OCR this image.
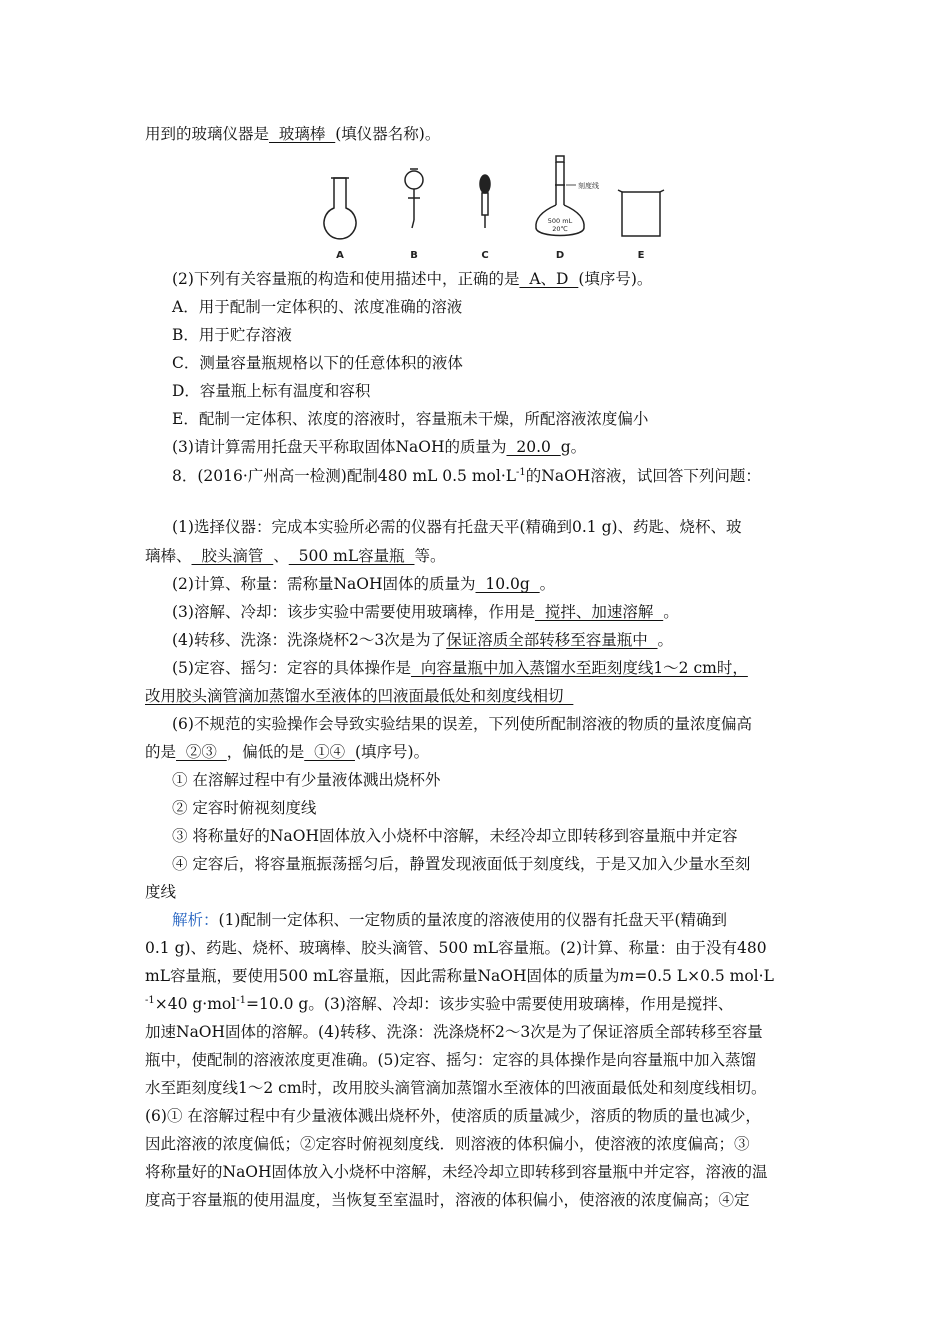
用到的玻璃仪器是  玻璃棒  (填仪器名称)。
刻度线
500 mL
20℃
A	B	C	D	E
(2)下列有关容量瓶的构造和使用描述中，正确的是  A、D  (填序号)。
A．用于配制一定体积的、浓度准确的溶液
B．用于贮存溶液
C．测量容量瓶规格以下的任意体积的液体
D．容量瓶上标有温度和容积
E．配制一定体积、浓度的溶液时，容量瓶未干燥，所配溶液浓度偏小
(3)请计算需用托盘天平称取固体NaOH的质量为  20.0  g。
8．(2016·广州高一检测)配制480 mL 0.5 $mol\cdot L^{-1}$的NaOH溶液，试回答下列问题：
(1)选择仪器：完成本实验所必需的仪器有托盘天平(精确到0.1 g)、药匙、烧杯、玻
璃棒、  胶头滴管  、  500 mL容量瓶  等。
(2)计算、称量：需称量NaOH固体的质量为  10.0g  。
(3)溶解、冷却：该步实验中需要使用玻璃棒，作用是  搅拌、加速溶解  。
(4)转移、洗涤：洗涤烧杯2～3次是为了保证溶质全部转移至容量瓶中  。
(5)定容、摇匀：定容的具体操作是  向容量瓶中加入蒸馏水至距刻度线1～2 cm时，
改用胶头滴管滴加蒸馏水至液体的凹液面最低处和刻度线相切
(6)不规范的实验操作会导致实验结果的误差，下列使所配制溶液的物质的量浓度偏高
的是  ②③  ，偏低的是  ①④  (填序号)。
① 在溶解过程中有少量液体溅出烧杯外
② 定容时俯视刻度线
③ 将称量好的NaOH固体放入小烧杯中溶解，未经冷却立即转移到容量瓶中并定容
④ 定容后，将容量瓶振荡摇匀后，静置发现液面低于刻度线，于是又加入少量水至刻
度线
解析：(1)配制一定体积、一定物质的量浓度的溶液使用的仪器有托盘天平(精确到
0.1 g)、药匙、烧杯、玻璃棒、胶头滴管、500 mL容量瓶。(2)计算、称量：由于没有480
mL容量瓶，要使用500 mL容量瓶，因此需称量NaOH固体的质量为m=0.5 L×0.5 mol·L
$^{-1}$×40 g·mol$^{-1}$=10.0 g。(3)溶解、冷却：该步实验中需要使用玻璃棒，作用是搅拌、
加速NaOH固体的溶解。(4)转移、洗涤：洗涤烧杯2～3次是为了保证溶质全部转移至容量
瓶中，使配制的溶液浓度更准确。(5)定容、摇匀：定容的具体操作是向容量瓶中加入蒸馏
水至距刻度线1～2 cm时，改用胶头滴管滴加蒸馏水至液体的凹液面最低处和刻度线相切。
(6)① 在溶解过程中有少量液体溅出烧杯外，使溶质的质量减少，溶质的物质的量也减少，
因此溶液的浓度偏低；②定容时俯视刻度线．则溶液的体积偏小，使溶液的浓度偏高；③
将称量好的NaOH固体放入小烧杯中溶解，未经冷却立即转移到容量瓶中并定容，溶液的温
度高于容量瓶的使用温度，当恢复至室温时，溶液的体积偏小，使溶液的浓度偏高；④定
